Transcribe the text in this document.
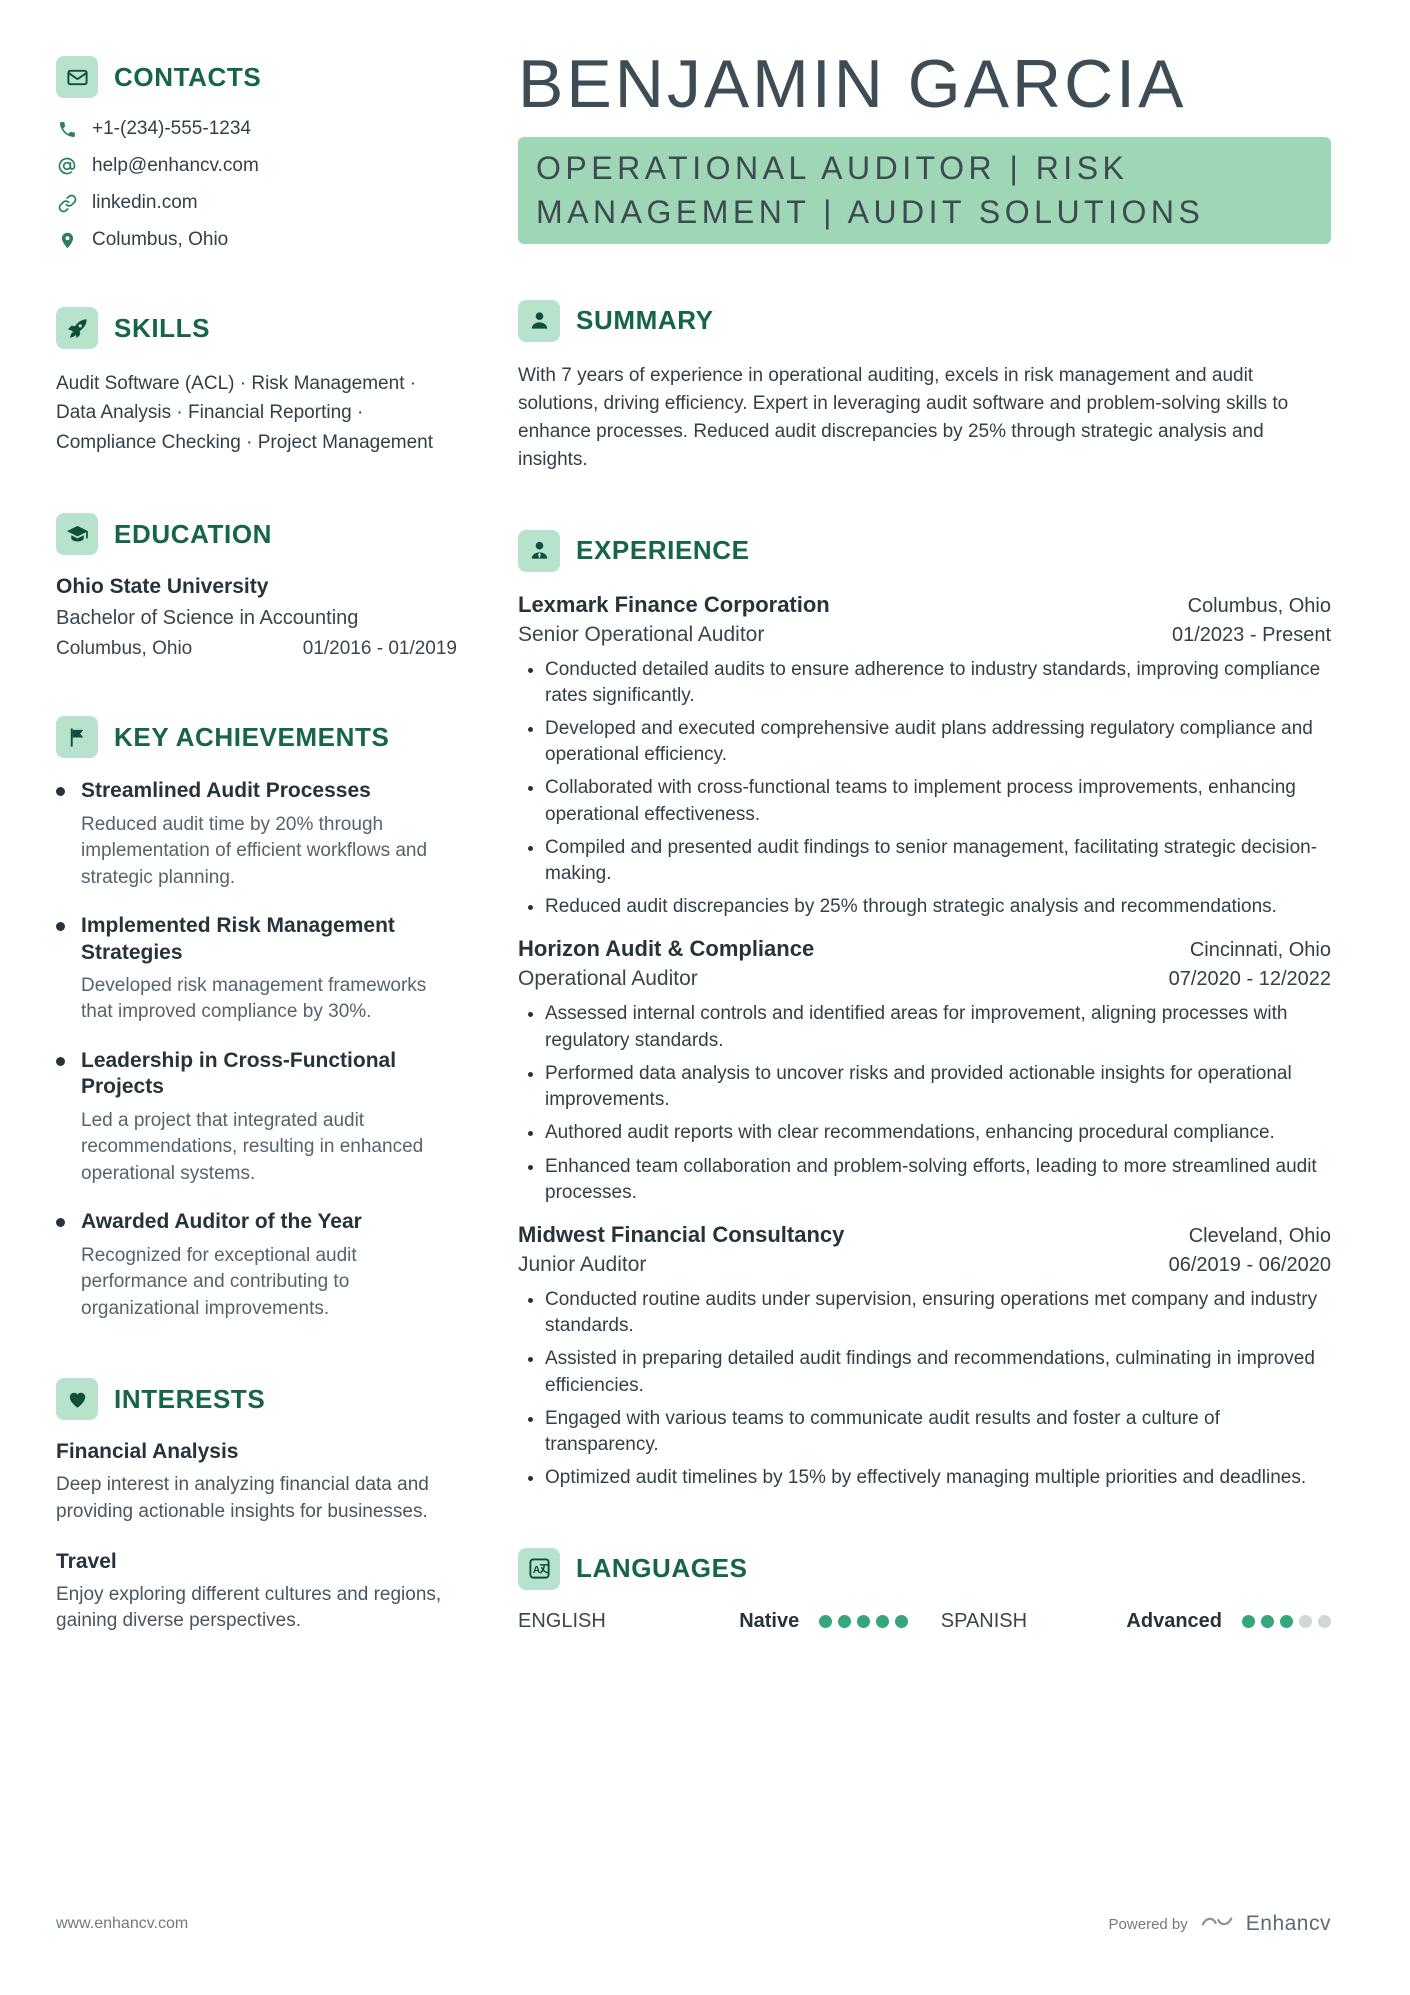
CONTACTS
+1-(234)-555-1234
help@enhancv.com
linkedin.com
Columbus, Ohio
SKILLS

Audit Software (ACL) · Risk Management · Data Analysis · Financial Reporting · Compliance Checking · Project Management

EDUCATION
Ohio State University
Bachelor of Science in Accounting
Columbus, Ohio	01/2016 - 01/2019
KEY ACHIEVEMENTS
Streamlined Audit Processes
Reduced audit time by 20% through implementation of efficient workflows and strategic planning.
Implemented Risk Management Strategies
Developed risk management frameworks that improved compliance by 30%.
Leadership in Cross-Functional Projects
Led a project that integrated audit recommendations, resulting in enhanced operational systems.
Awarded Auditor of the Year
Recognized for exceptional audit performance and contributing to organizational improvements.
INTERESTS
Financial Analysis
Deep interest in analyzing financial data and providing actionable insights for businesses.
Travel
Enjoy exploring different cultures and regions, gaining diverse perspectives.
BENJAMIN GARCIA
OPERATIONAL AUDITOR | RISK MANAGEMENT | AUDIT SOLUTIONS
SUMMARY

With 7 years of experience in operational auditing, excels in risk management and audit solutions, driving efficiency. Expert in leveraging audit software and problem-solving skills to enhance processes. Reduced audit discrepancies by 25% through strategic analysis and insights.

EXPERIENCE
Lexmark Finance Corporation	Columbus, Ohio
Senior Operational Auditor	01/2023 - Present
• Conducted detailed audits to ensure adherence to industry standards, improving compliance rates significantly.
• Developed and executed comprehensive audit plans addressing regulatory compliance and operational efficiency.
• Collaborated with cross-functional teams to implement process improvements, enhancing operational effectiveness.
• Compiled and presented audit findings to senior management, facilitating strategic decision-making.
• Reduced audit discrepancies by 25% through strategic analysis and recommendations.
Horizon Audit & Compliance	Cincinnati, Ohio
Operational Auditor	07/2020 - 12/2022
• Assessed internal controls and identified areas for improvement, aligning processes with regulatory standards.
• Performed data analysis to uncover risks and provided actionable insights for operational improvements.
• Authored audit reports with clear recommendations, enhancing procedural compliance.
• Enhanced team collaboration and problem-solving efforts, leading to more streamlined audit processes.
Midwest Financial Consultancy	Cleveland, Ohio
Junior Auditor	06/2019 - 06/2020
• Conducted routine audits under supervision, ensuring operations met company and industry standards.
• Assisted in preparing detailed audit findings and recommendations, culminating in improved efficiencies.
• Engaged with various teams to communicate audit results and foster a culture of transparency.
• Optimized audit timelines by 15% by effectively managing multiple priorities and deadlines.
A LANGUAGES
ENGLISH	Native	SPANISH	Advanced
www.enhancv.com	Powered by	Enhancv
